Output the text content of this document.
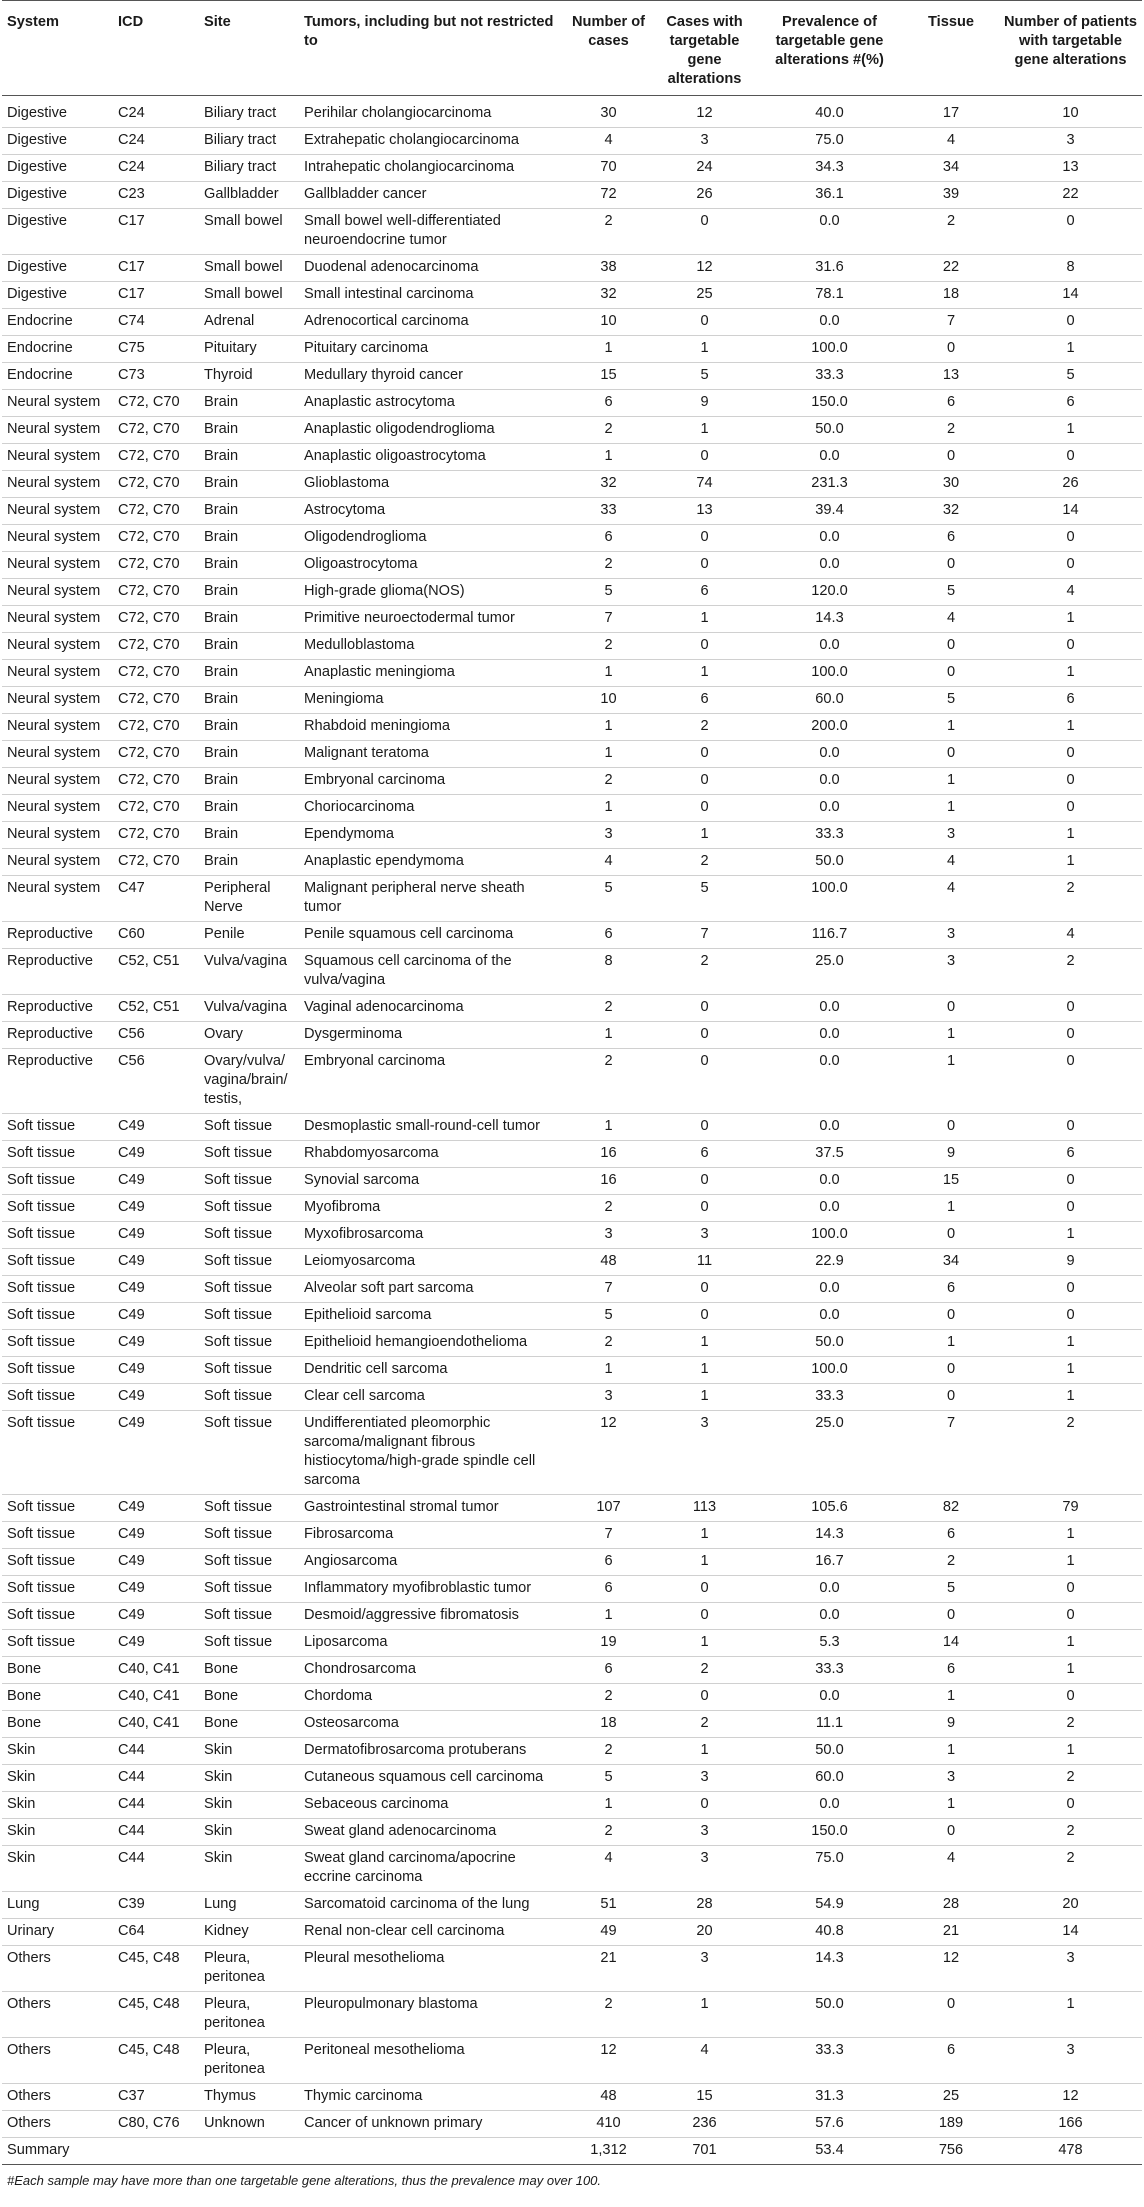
System	ICD	Site	Tumors, including but not restricted to	Number of cases	Cases with targetable gene alterations	Prevalence of targetable gene alterations #(%)	Tissue	Number of patients with targetable gene alterations
Digestive	C24	Biliary tract	Perihilar cholangiocarcinoma	30	12	40.0	17	10
Digestive	C24	Biliary tract	Extrahepatic cholangiocarcinoma	4	3	75.0	4	3
Digestive	C24	Biliary tract	Intrahepatic cholangiocarcinoma	70	24	34.3	34	13
Digestive	C23	Gallbladder	Gallbladder cancer	72	26	36.1	39	22
Digestive	C17	Small bowel	Small bowel well-differentiated neuroendocrine tumor	2	0	0.0	2	0
Digestive	C17	Small bowel	Duodenal adenocarcinoma	38	12	31.6	22	8
Digestive	C17	Small bowel	Small intestinal carcinoma	32	25	78.1	18	14
Endocrine	C74	Adrenal	Adrenocortical carcinoma	10	0	0.0	7	0
Endocrine	C75	Pituitary	Pituitary carcinoma	1	1	100.0	0	1
Endocrine	C73	Thyroid	Medullary thyroid cancer	15	5	33.3	13	5
Neural system	C72, C70	Brain	Anaplastic astrocytoma	6	9	150.0	6	6
Neural system	C72, C70	Brain	Anaplastic oligodendroglioma	2	1	50.0	2	1
Neural system	C72, C70	Brain	Anaplastic oligoastrocytoma	1	0	0.0	0	0
Neural system	C72, C70	Brain	Glioblastoma	32	74	231.3	30	26
Neural system	C72, C70	Brain	Astrocytoma	33	13	39.4	32	14
Neural system	C72, C70	Brain	Oligodendroglioma	6	0	0.0	6	0
Neural system	C72, C70	Brain	Oligoastrocytoma	2	0	0.0	0	0
Neural system	C72, C70	Brain	High-grade glioma(NOS)	5	6	120.0	5	4
Neural system	C72, C70	Brain	Primitive neuroectodermal tumor	7	1	14.3	4	1
Neural system	C72, C70	Brain	Medulloblastoma	2	0	0.0	0	0
Neural system	C72, C70	Brain	Anaplastic meningioma	1	1	100.0	0	1
Neural system	C72, C70	Brain	Meningioma	10	6	60.0	5	6
Neural system	C72, C70	Brain	Rhabdoid meningioma	1	2	200.0	1	1
Neural system	C72, C70	Brain	Malignant teratoma	1	0	0.0	0	0
Neural system	C72, C70	Brain	Embryonal carcinoma	2	0	0.0	1	0
Neural system	C72, C70	Brain	Choriocarcinoma	1	0	0.0	1	0
Neural system	C72, C70	Brain	Ependymoma	3	1	33.3	3	1
Neural system	C72, C70	Brain	Anaplastic ependymoma	4	2	50.0	4	1
Neural system	C47	Peripheral Nerve	Malignant peripheral nerve sheath tumor	5	5	100.0	4	2
Reproductive	C60	Penile	Penile squamous cell carcinoma	6	7	116.7	3	4
Reproductive	C52, C51	Vulva/vagina	Squamous cell carcinoma of the vulva/vagina	8	2	25.0	3	2
Reproductive	C52, C51	Vulva/vagina	Vaginal adenocarcinoma	2	0	0.0	0	0
Reproductive	C56	Ovary	Dysgerminoma	1	0	0.0	1	0
Reproductive	C56	Ovary/vulva/ vagina/brain/ testis,	Embryonal carcinoma	2	0	0.0	1	0
Soft tissue	C49	Soft tissue	Desmoplastic small-round-cell tumor	1	0	0.0	0	0
Soft tissue	C49	Soft tissue	Rhabdomyosarcoma	16	6	37.5	9	6
Soft tissue	C49	Soft tissue	Synovial sarcoma	16	0	0.0	15	0
Soft tissue	C49	Soft tissue	Myofibroma	2	0	0.0	1	0
Soft tissue	C49	Soft tissue	Myxofibrosarcoma	3	3	100.0	0	1
Soft tissue	C49	Soft tissue	Leiomyosarcoma	48	11	22.9	34	9
Soft tissue	C49	Soft tissue	Alveolar soft part sarcoma	7	0	0.0	6	0
Soft tissue	C49	Soft tissue	Epithelioid sarcoma	5	0	0.0	0	0
Soft tissue	C49	Soft tissue	Epithelioid hemangioendothelioma	2	1	50.0	1	1
Soft tissue	C49	Soft tissue	Dendritic cell sarcoma	1	1	100.0	0	1
Soft tissue	C49	Soft tissue	Clear cell sarcoma	3	1	33.3	0	1
Soft tissue	C49	Soft tissue	Undifferentiated pleomorphic sarcoma/malignant fibrous histiocytoma/high-grade spindle cell sarcoma	12	3	25.0	7	2
Soft tissue	C49	Soft tissue	Gastrointestinal stromal tumor	107	113	105.6	82	79
Soft tissue	C49	Soft tissue	Fibrosarcoma	7	1	14.3	6	1
Soft tissue	C49	Soft tissue	Angiosarcoma	6	1	16.7	2	1
Soft tissue	C49	Soft tissue	Inflammatory myofibroblastic tumor	6	0	0.0	5	0
Soft tissue	C49	Soft tissue	Desmoid/aggressive fibromatosis	1	0	0.0	0	0
Soft tissue	C49	Soft tissue	Liposarcoma	19	1	5.3	14	1
Bone	C40, C41	Bone	Chondrosarcoma	6	2	33.3	6	1
Bone	C40, C41	Bone	Chordoma	2	0	0.0	1	0
Bone	C40, C41	Bone	Osteosarcoma	18	2	11.1	9	2
Skin	C44	Skin	Dermatofibrosarcoma protuberans	2	1	50.0	1	1
Skin	C44	Skin	Cutaneous squamous cell carcinoma	5	3	60.0	3	2
Skin	C44	Skin	Sebaceous carcinoma	1	0	0.0	1	0
Skin	C44	Skin	Sweat gland adenocarcinoma	2	3	150.0	0	2
Skin	C44	Skin	Sweat gland carcinoma/apocrine eccrine carcinoma	4	3	75.0	4	2
Lung	C39	Lung	Sarcomatoid carcinoma of the lung	51	28	54.9	28	20
Urinary	C64	Kidney	Renal non-clear cell carcinoma	49	20	40.8	21	14
Others	C45, C48	Pleura, peritonea	Pleural mesothelioma	21	3	14.3	12	3
Others	C45, C48	Pleura, peritonea	Pleuropulmonary blastoma	2	1	50.0	0	1
Others	C45, C48	Pleura, peritonea	Peritoneal mesothelioma	12	4	33.3	6	3
Others	C37	Thymus	Thymic carcinoma	48	15	31.3	25	12
Others	C80, C76	Unknown	Cancer of unknown primary	410	236	57.6	189	166
Summary				1,312	701	53.4	756	478
#Each sample may have more than one targetable gene alterations, thus the prevalence may over 100.								
